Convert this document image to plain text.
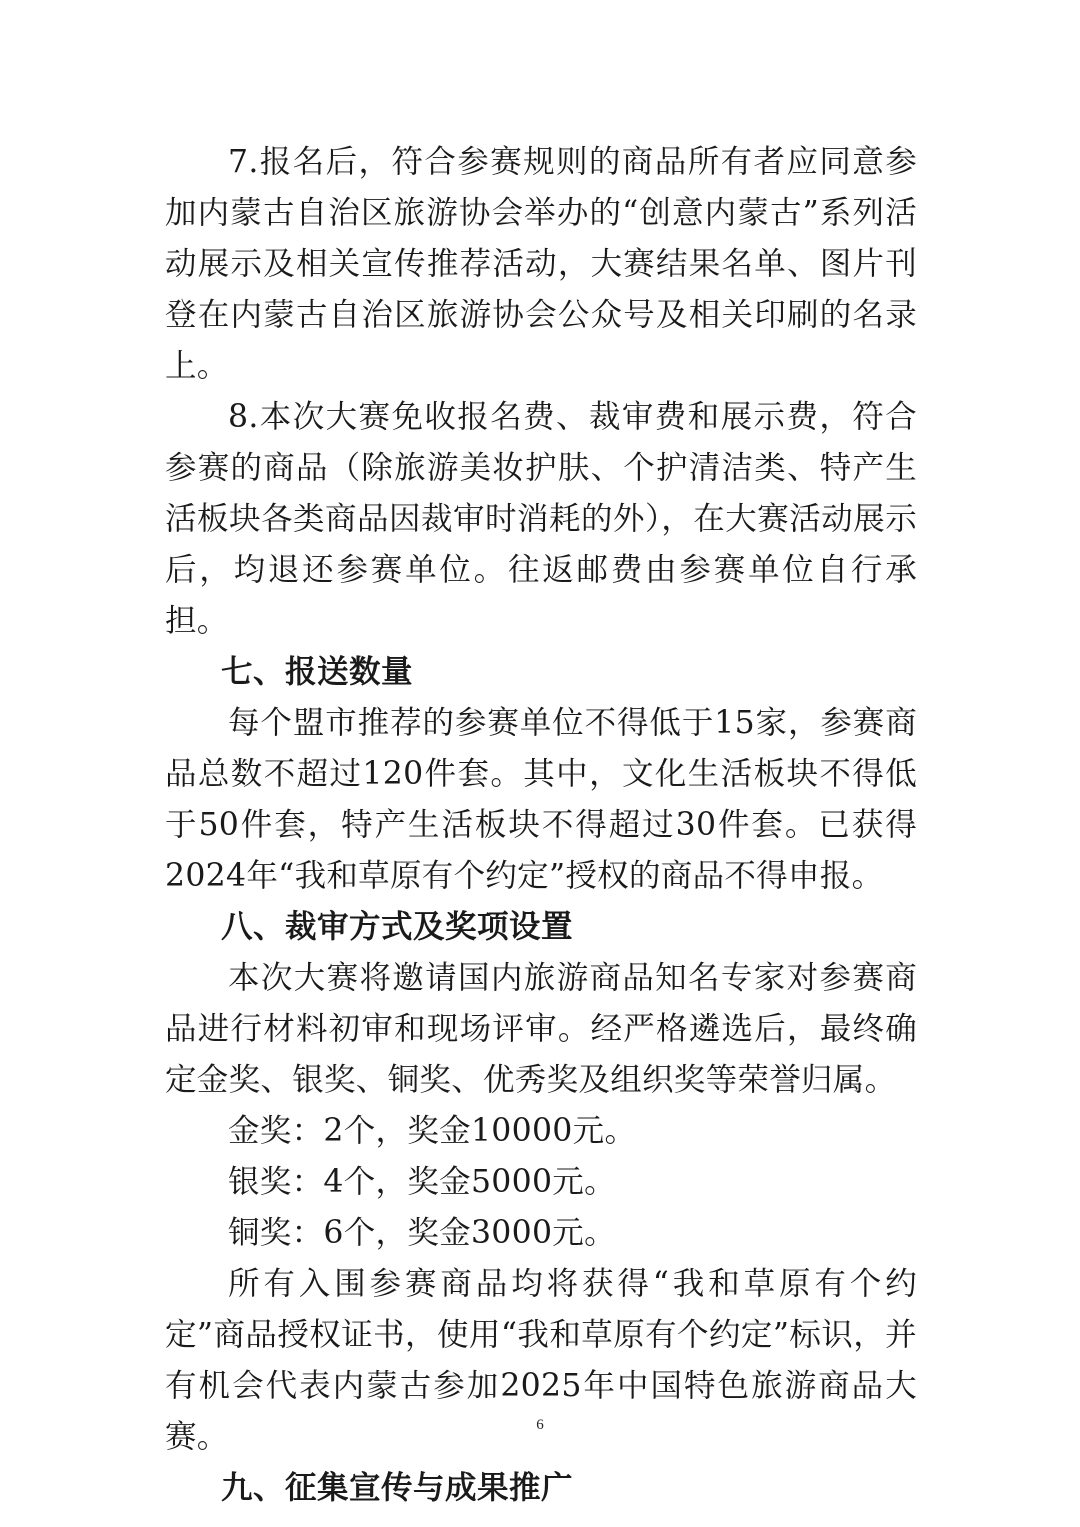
7.报名后，符合参赛规则的商品所有者应同意参加内蒙古自治区旅游协会举办的“创意内蒙古”系列活动展示及相关宣传推荐活动，大赛结果名单、图片刊登在内蒙古自治区旅游协会公众号及相关印刷的名录上。

8.本次大赛免收报名费、裁审费和展示费，符合参赛的商品（除旅游美妆护肤、个护清洁类、特产生活板块各类商品因裁审时消耗的外），在大赛活动展示后，均退还参赛单位。往返邮费由参赛单位自行承担。

七、报送数量

每个盟市推荐的参赛单位不得低于15家，参赛商品总数不超过120件套。其中，文化生活板块不得低于50件套，特产生活板块不得超过30件套。已获得2024年“我和草原有个约定”授权的商品不得申报。

八、裁审方式及奖项设置

本次大赛将邀请国内旅游商品知名专家对参赛商品进行材料初审和现场评审。经严格遴选后，最终确定金奖、银奖、铜奖、优秀奖及组织奖等荣誉归属。

金奖：2个，奖金10000元。

银奖：4个，奖金5000元。

铜奖：6个，奖金3000元。

所有入围参赛商品均将获得“我和草原有个约定”商品授权证书，使用“我和草原有个约定”标识，并有机会代表内蒙古参加2025年中国特色旅游商品大赛。

九、征集宣传与成果推广

6
